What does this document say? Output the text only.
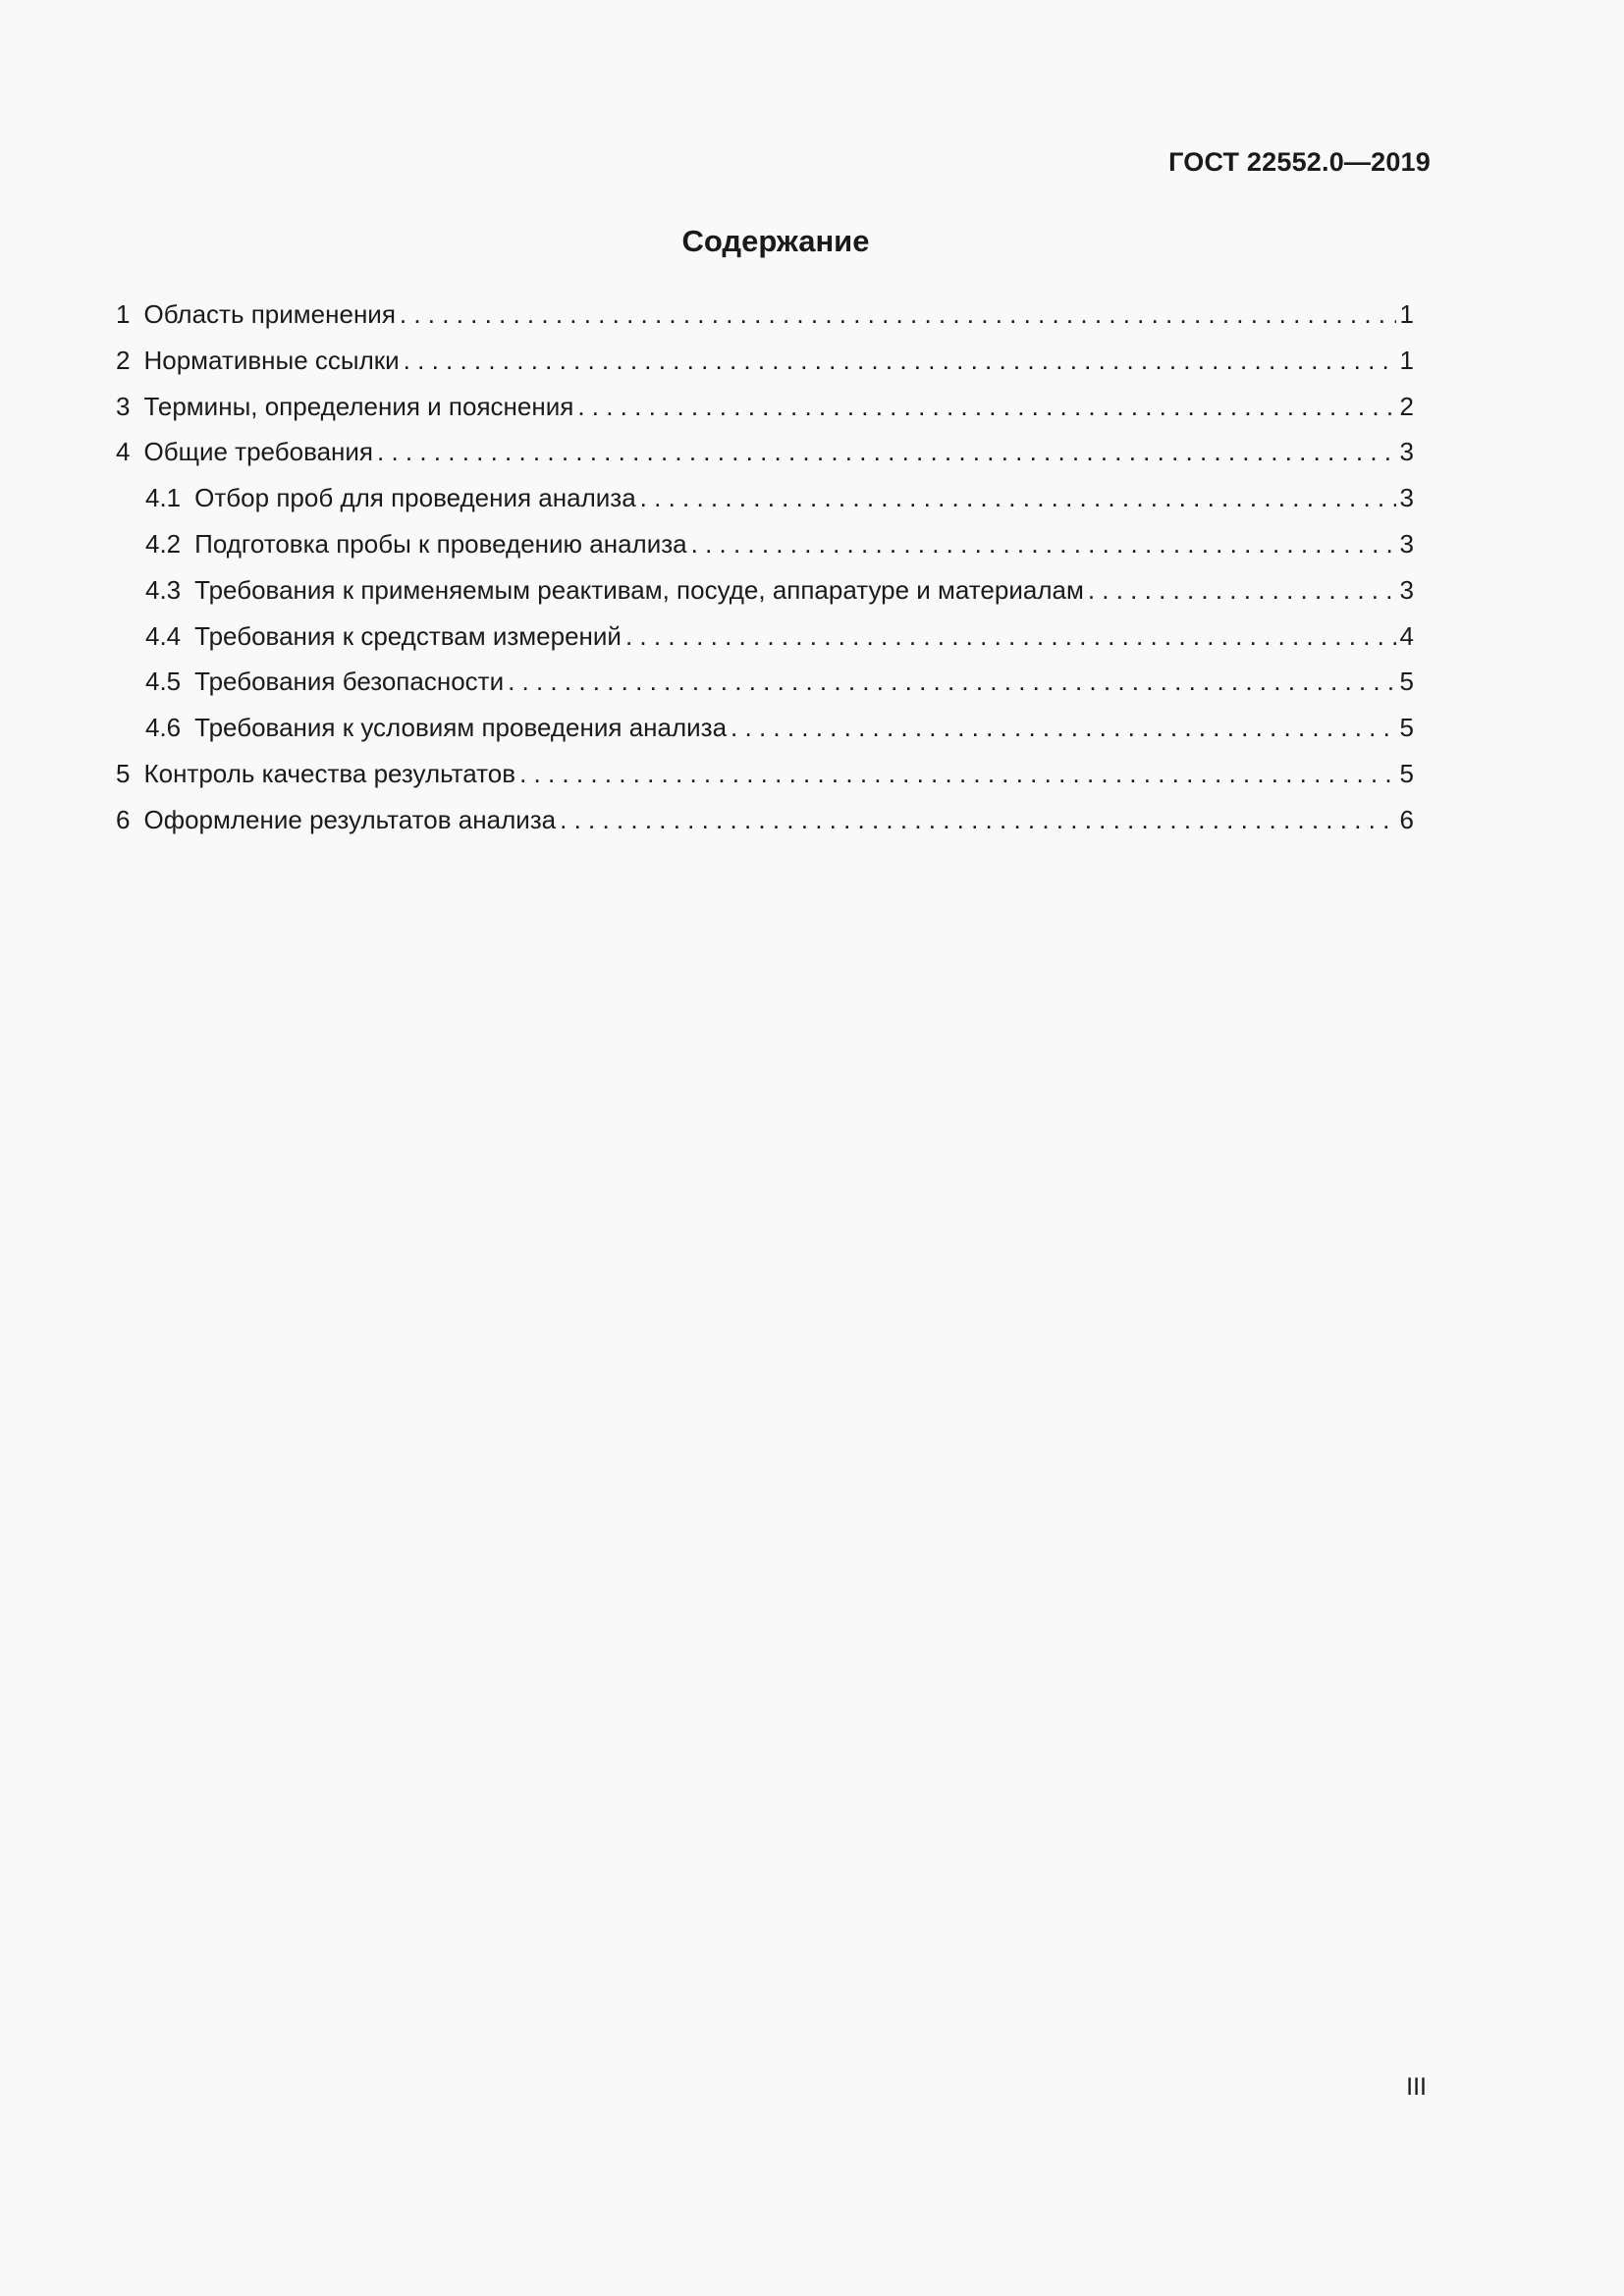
ГОСТ 22552.0—2019
Содержание
1 Область применения . . .	1
2 Нормативные ссылки . . .	1
3 Термины, определения и пояснения . . .	2
4 Общие требования . . .	3
4.1 Отбор проб для проведения анализа . . .	3
4.2 Подготовка пробы к проведению анализа . . .	3
4.3 Требования к применяемым реактивам, посуде, аппаратуре и материалам . . .	3
4.4 Требования к средствам измерений . . .	4
4.5 Требования безопасности . . .	5
4.6 Требования к условиям проведения анализа . . .	5
5 Контроль качества результатов . . .	5
6 Оформление результатов анализа . . .	6
III
